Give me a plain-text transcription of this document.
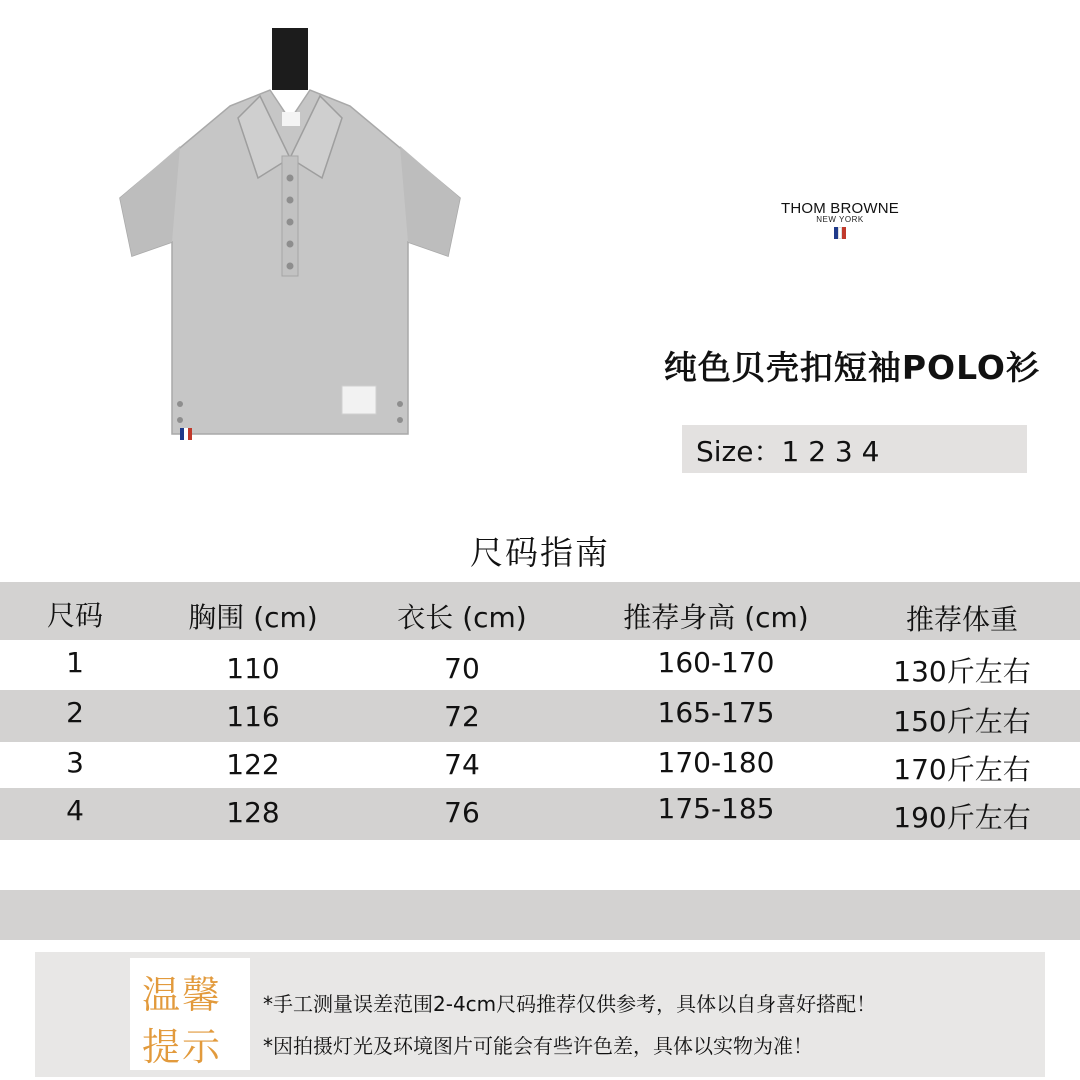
THOM BROWNE
NEW YORK
纯色贝壳扣短袖POLO衫
Size：1 2 3 4
尺码指南
尺码	胸围 (cm)	衣长 (cm)	推荐身高 (cm)	推荐体重
1	110	70	160-170	130斤左右
2	116	72	165-175	150斤左右
3	122	74	170-180	170斤左右
4	128	76	175-185	190斤左右
温馨
提示
*手工测量误差范围2-4cm尺码推荐仅供参考，具体以自身喜好搭配！
*因拍摄灯光及环境图片可能会有些许色差，具体以实物为准！
